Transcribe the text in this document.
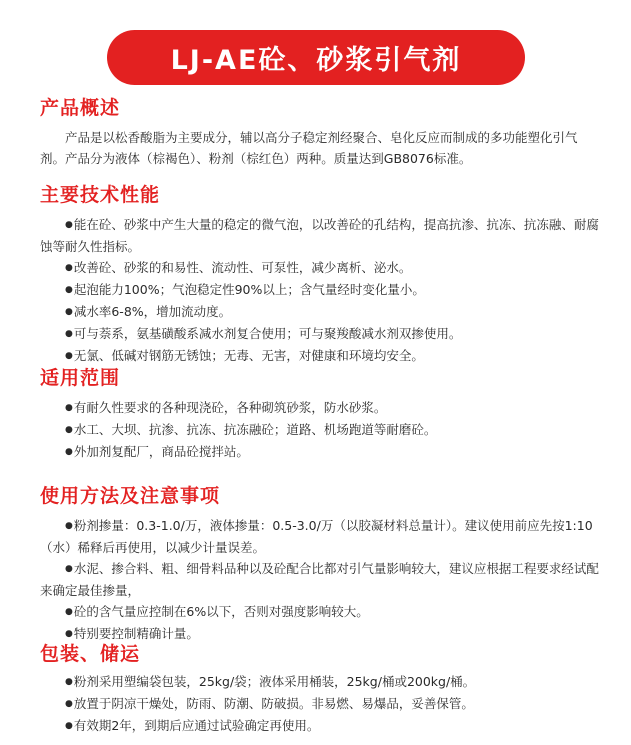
LJ-AE砼、砂浆引气剂
产品概述

产品是以松香酸脂为主要成分，辅以高分子稳定剂经聚合、皂化反应而制成的多功能塑化引气剂。产品分为液体（棕褐色）、粉剂（棕红色）两种。质量达到GB8076标准。

主要技术性能
●能在砼、砂浆中产生大量的稳定的微气泡，以改善砼的孔结构，提高抗渗、抗冻、抗冻融、耐腐蚀等耐久性指标。
●改善砼、砂浆的和易性、流动性、可泵性，减少离析、泌水。
●起泡能力100%；气泡稳定性90%以上；含气量经时变化量小。
●减水率6-8%，增加流动度。
●可与萘系，氨基磺酸系减水剂复合使用；可与聚羧酸减水剂双掺使用。
●无氯、低碱对钢筋无锈蚀；无毒、无害，对健康和环境均安全。
适用范围
●有耐久性要求的各种现浇砼，各种砌筑砂浆，防水砂浆。
●水工、大坝、抗渗、抗冻、抗冻融砼；道路、机场跑道等耐磨砼。
●外加剂复配厂，商品砼搅拌站。
使用方法及注意事项
●粉剂掺量：0.3-1.0/万，液体掺量：0.5-3.0/万（以胶凝材料总量计）。建议使用前应先按1:10（水）稀释后再使用，以减少计量误差。
●水泥、掺合料、粗、细骨料品种以及砼配合比都对引气量影响较大，建议应根据工程要求经试配来确定最佳掺量，
●砼的含气量应控制在6%以下，否则对强度影响较大。
●特别要控制精确计量。
包装、储运
●粉剂采用塑编袋包装，25kg/袋；液体采用桶装，25kg/桶或200kg/桶。
●放置于阴凉干燥处，防雨、防潮、防破损。非易燃、易爆品，妥善保管。
●有效期2年，到期后应通过试验确定再使用。
